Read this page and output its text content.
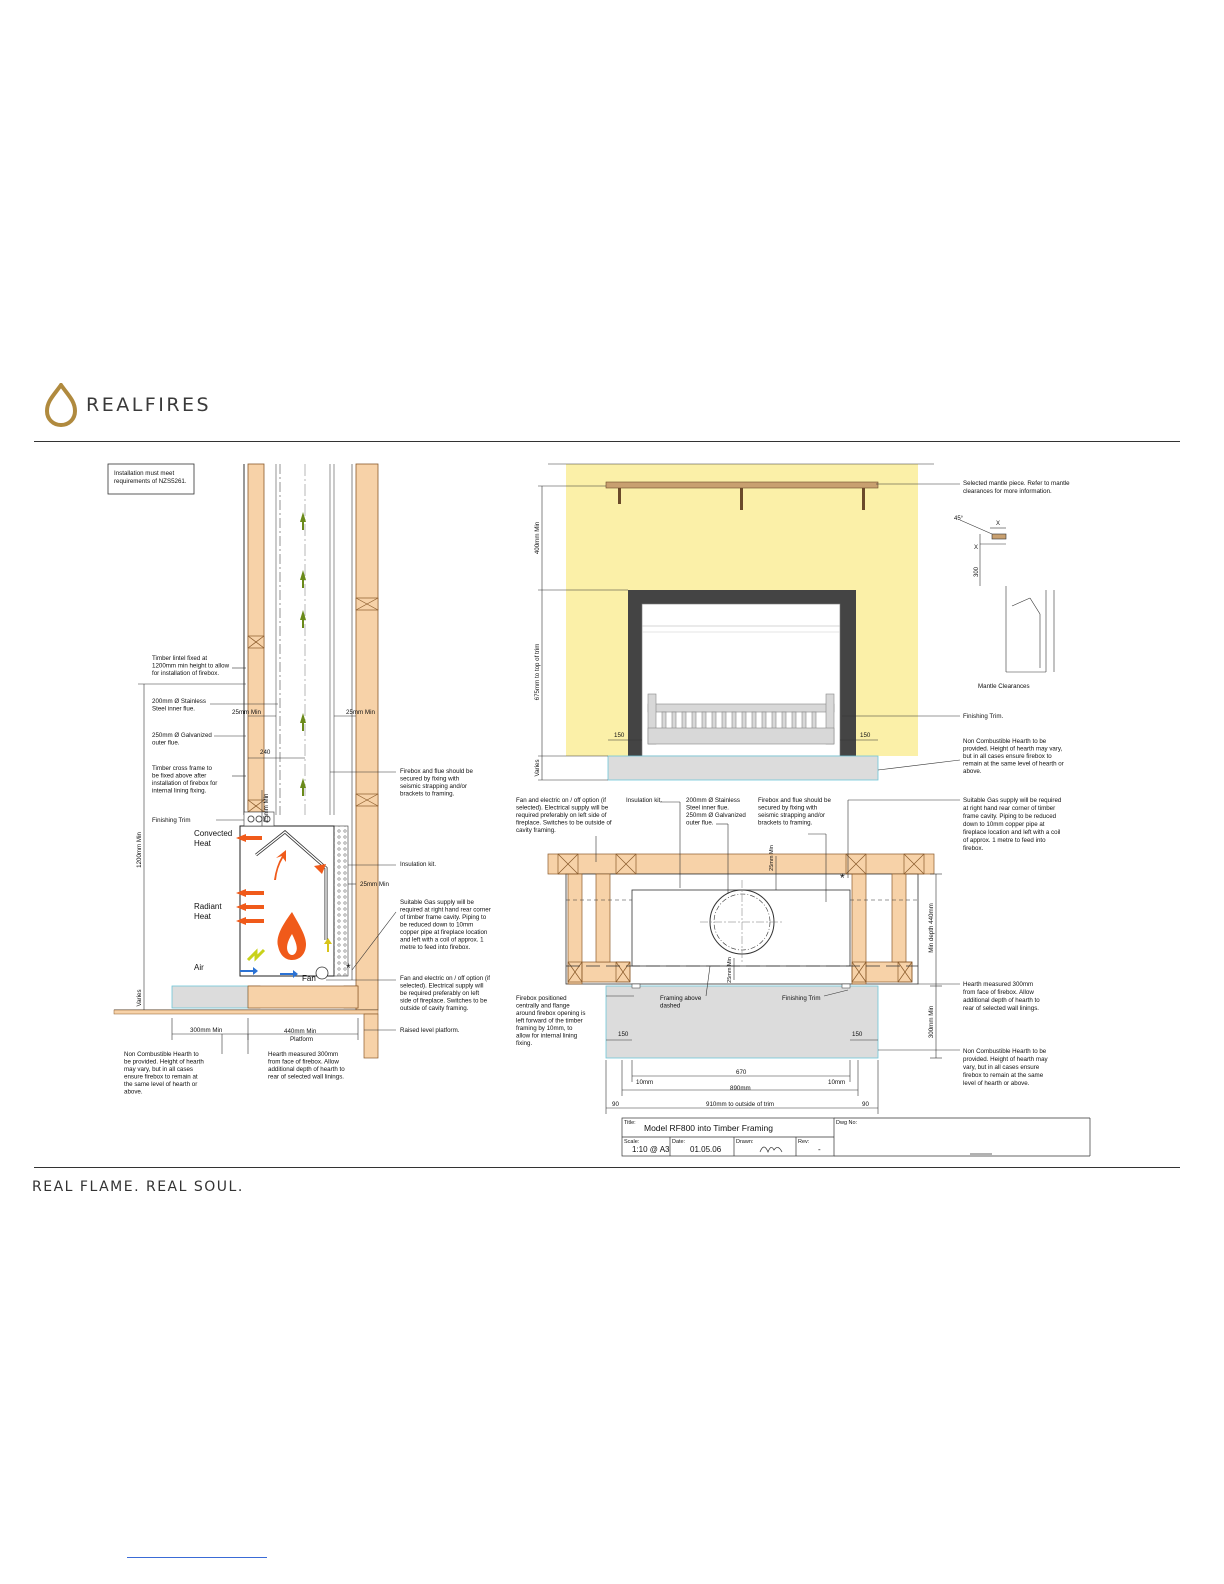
REALFIRES
REAL FLAME. REAL SOUL.
Installation must meet requirements of NZS5261.
*
1200mm Min
Varies
25mm Min	25mm Min
240
25mm Min
25mm Min
300mm Min	440mm Min Platform
Timber lintel fixed at 1200mm min height to allow for installation of firebox.
200mm Ø Stainless Steel inner flue.
250mm Ø Galvanized outer flue.
Timber cross frame to be fixed above after installation of firebox for internal lining fixing.
Finishing Trim
Convected Heat
Radiant Heat
Air
Fan
Firebox and flue should be secured by fixing with seismic strapping and/or brackets to framing.
Insulation kit.
Suitable Gas supply will be required at right hand rear corner of timber frame cavity. Piping to be reduced down to 10mm copper pipe at fireplace location and left with a coil of approx. 1 metre to feed into firebox.
Fan and electric on / off option (if selected). Electrical supply will be required preferably on left side of fireplace. Switches to be outside of cavity framing.
Raised level platform.
Non Combustible Hearth to be provided. Height of hearth may vary, but in all cases ensure firebox to remain at the same level of hearth or above.
Hearth measured 300mm from face of firebox. Allow additional depth of hearth to rear of selected wall linings.
400mm Min
675mm to top of trim
Varies
150	150
Selected mantle piece. Refer to mantle clearances for more information.
Finishing Trim.
Non Combustible Hearth to be provided. Height of hearth may vary, but in all cases ensure firebox to remain at the same level of hearth or above.
45°
X
X
300
Mantle Clearances
*
Fan and electric on / off option (if selected). Electrical supply will be required preferably on left side of fireplace. Switches to be outside of cavity framing.
Insulation kit.	200mm Ø Stainless Steel inner flue. 250mm Ø Galvanized outer flue.
Firebox and flue should be secured by fixing with seismic strapping and/or brackets to framing.
Suitable Gas supply will be required at right hand rear corner of timber frame cavity. Piping to be reduced down to 10mm copper pipe at fireplace location and left with a coil of approx. 1 metre to feed into firebox.
25mm Min
25mm Min
Min depth 440mm
300mm Min
Firebox positioned centrally and flange around firebox opening is left forward of the timber framing by 10mm, to allow for internal lining fixing.
Framing above dashed
Finishing Trim
Hearth measured 300mm from face of firebox. Allow additional depth of hearth to rear of selected wall linings.
Non Combustible Hearth to be provided. Height of hearth may vary, but in all cases ensure firebox to remain at the same level of hearth or above.
150	150
670
10mm	10mm
890mm
910mm to outside of trim
90	90
Title: Model RF800 into Timber Framing	Dwg No:
Scale:
1:10 @ A3
Date:
01.05.06
Drawn:	Rev:
-
